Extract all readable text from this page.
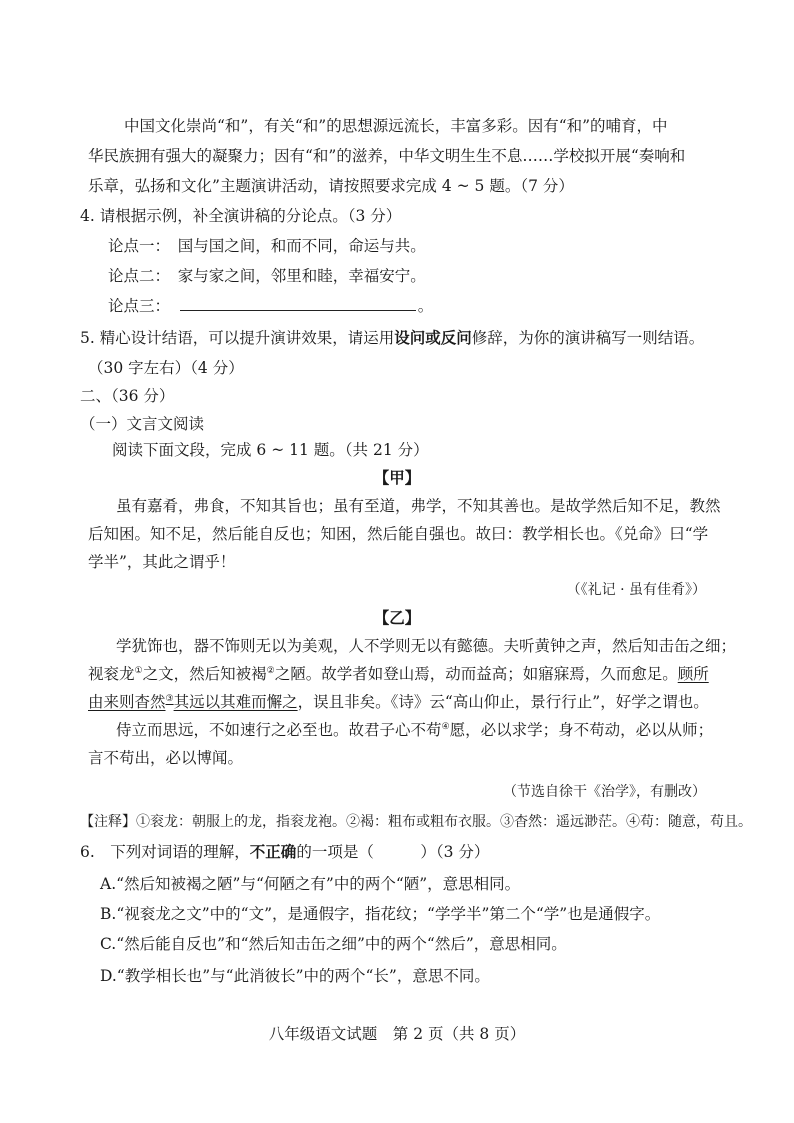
中国文化崇尚“和”，有关“和”的思想源远流长，丰富多彩。因有“和”的哺育，中
华民族拥有强大的凝聚力；因有“和”的滋养，中华文明生生不息……学校拟开展“奏响和
乐章，弘扬和文化”主题演讲活动，请按照要求完成 4 ~ 5 题。（7 分）
4. 请根据示例，补全演讲稿的分论点。（3 分）
论点一：　 国与国之间，和而不同，命运与共。
论点二：　 家与家之间，邻里和睦，幸福安宁。
论点三：　	。
5. 精心设计结语，可以提升演讲效果，请运用设问或反问修辞，为你的演讲稿写一则结语。
（30 字左右）（4 分）
二、（36 分）
（一）文言文阅读
阅读下面文段，完成 6 ~ 11 题。（共 21 分）
【甲】
虽有嘉肴，弗食，不知其旨也；虽有至道，弗学，不知其善也。是故学然后知不足，教然
后知困。知不足，然后能自反也；知困，然后能自强也。故曰：教学相长也。《兑命》曰“学
学半”，其此之谓乎！
（《礼记 · 虽有佳肴》）
【乙】
学犹饰也，器不饰则无以为美观，人不学则无以有懿德。夫听黄钟之声，然后知击缶之细；
视衮龙①之文，然后知被褐②之陋。故学者如登山焉，动而益高；如寤寐焉，久而愈足。顾所
由来则杳然③其远以其难而懈之，误且非矣。《诗》云“高山仰止，景行行止”，好学之谓也。
侍立而思远，不如速行之必至也。故君子心不苟④愿，必以求学；身不苟动，必以从师；
言不苟出，必以博闻。
（节选自徐干《治学》，有删改）
【注释】①衮龙：朝服上的龙，指衮龙袍。②褐：粗布或粗布衣服。③杳然：遥远渺茫。④苟：随意，苟且。
6.　下列对词语的理解，不正确的一项是（　　　）（3 分）
A.“然后知被褐之陋”与“何陋之有”中的两个“陋”，意思相同。
B.“视衮龙之文”中的“文”，是通假字，指花纹；“学学半”第二个“学”也是通假字。
C.“然后能自反也”和“然后知击缶之细”中的两个“然后”，意思相同。
D.“教学相长也”与“此消彼长”中的两个“长”，意思不同。
八年级语文试题　第 2 页（共 8 页）
